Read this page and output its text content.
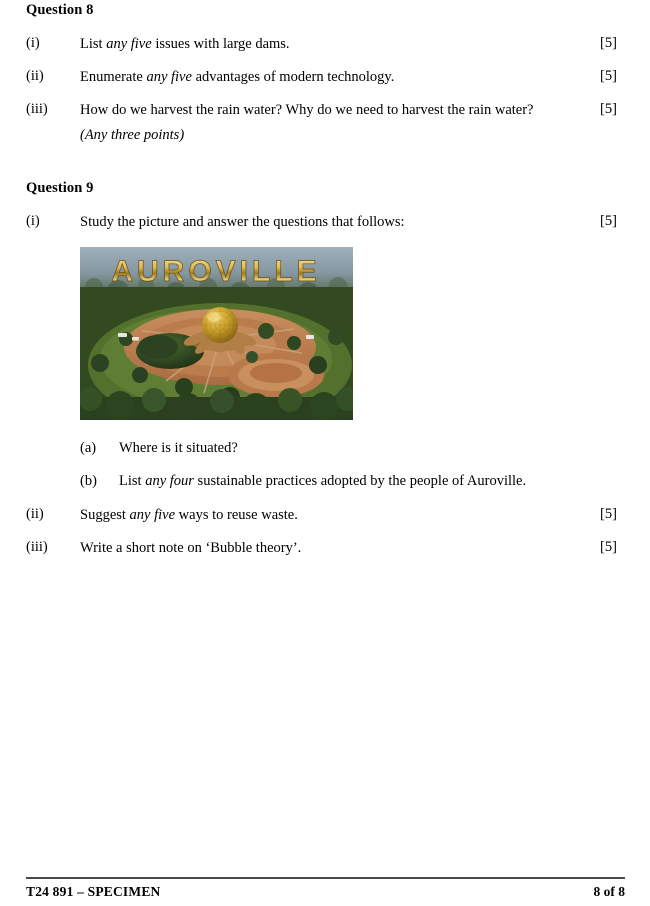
Question 8
(i)	List any five issues with large dams.	[5]
(ii)	Enumerate any five advantages of modern technology.	[5]
(iii)	How do we harvest the rain water? Why do we need to harvest the rain water?	[5]
(Any three points)
Question 9
(i)	Study the picture and answer the questions that follows:	[5]
AUROVILLE
(a)	Where is it situated?
(b)	List any four sustainable practices adopted by the people of Auroville.
(ii)	Suggest any five ways to reuse waste.	[5]
(iii)	Write a short note on ‘Bubble theory’.	[5]
T24 891 – SPECIMEN	8 of 8
